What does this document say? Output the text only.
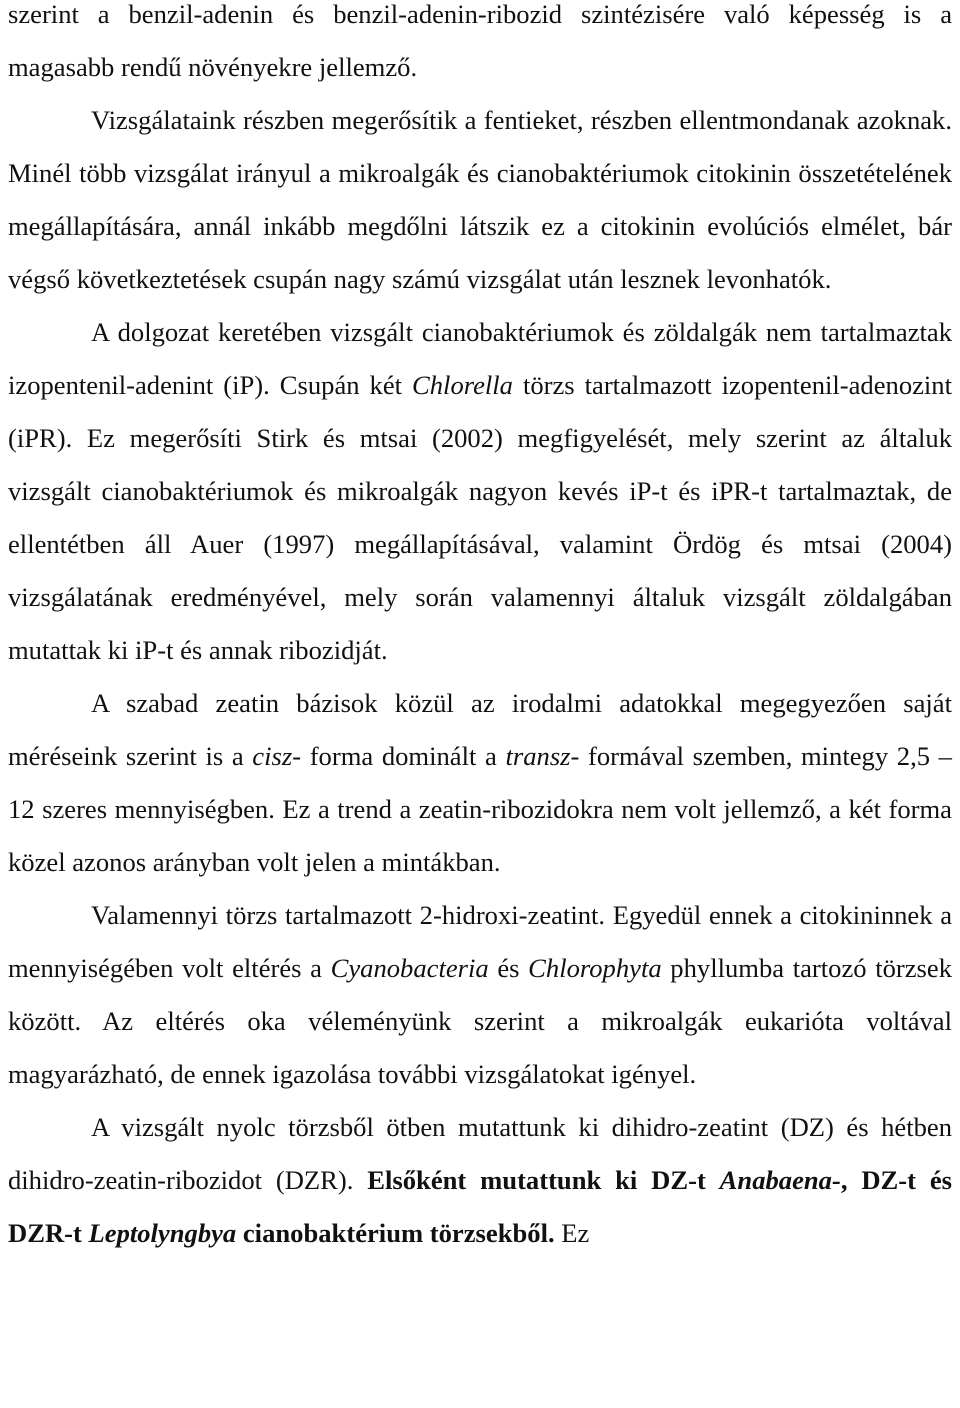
szerint a benzil-adenin és benzil-adenin-ribozid szintézisére való képesség is a magasabb rendű növényekre jellemző.

Vizsgálataink részben megerősítik a fentieket, részben ellentmondanak azoknak. Minél több vizsgálat irányul a mikroalgák és cianobaktériumok citokinin összetételének megállapítására, annál inkább megdőlni látszik ez a citokinin evolúciós elmélet, bár végső következtetések csupán nagy számú vizsgálat után lesznek levonhatók.

A dolgozat keretében vizsgált cianobaktériumok és zöldalgák nem tartalmaztak izopentenil-adenint (iP). Csupán két Chlorella törzs tartalmazott izopentenil-adenozint (iPR). Ez megerősíti Stirk és mtsai (2002) megfigyelését, mely szerint az általuk vizsgált cianobaktériumok és mikroalgák nagyon kevés iP-t és iPR-t tartalmaztak, de ellentétben áll Auer (1997) megállapításával, valamint Ördög és mtsai (2004) vizsgálatának eredményével, mely során valamennyi általuk vizsgált zöldalgában mutattak ki iP-t és annak ribozidját.

A szabad zeatin bázisok közül az irodalmi adatokkal megegyezően saját méréseink szerint is a cisz- forma dominált a transz- formával szemben, mintegy 2,5 – 12 szeres mennyiségben. Ez a trend a zeatin-ribozidokra nem volt jellemző, a két forma közel azonos arányban volt jelen a mintákban.

Valamennyi törzs tartalmazott 2-hidroxi-zeatint. Egyedül ennek a citokininnek a mennyiségében volt eltérés a Cyanobacteria és Chlorophyta phyllumba tartozó törzsek között. Az eltérés oka véleményünk szerint a mikroalgák eukarióta voltával magyarázható, de ennek igazolása további vizsgálatokat igényel.

A vizsgált nyolc törzsből ötben mutattunk ki dihidro-zeatint (DZ) és hétben dihidro-zeatin-ribozidot (DZR). Elsőként mutattunk ki DZ-t Anabaena-, DZ-t és DZR-t Leptolyngbya cianobaktérium törzsekből. Ez
